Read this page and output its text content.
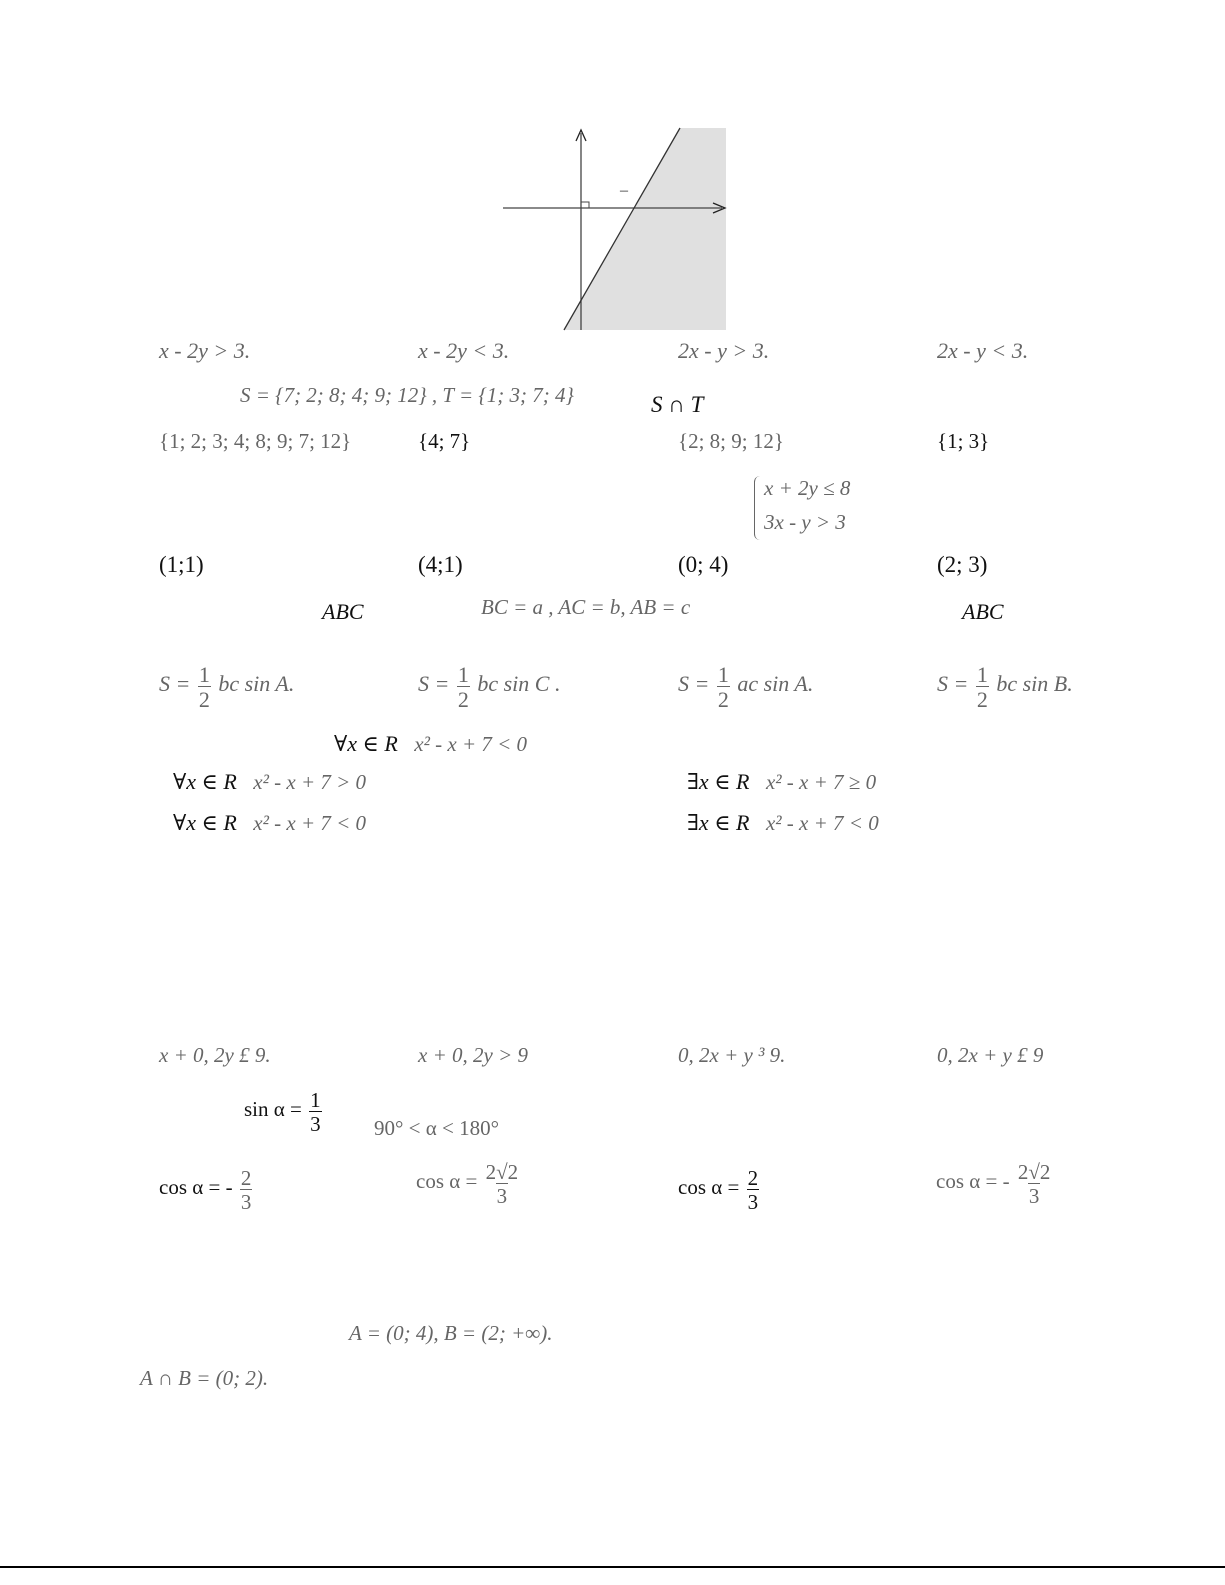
–
x - 2y > 3.	x - 2y < 3.	2x - y > 3.	2x - y < 3.
S = {7; 2; 8; 4; 9; 12} , T = {1; 3; 7; 4}	S ∩ T
{1; 2; 3; 4; 8; 9; 7; 12}	{4; 7}	{2; 8; 9; 12}	{1; 3}
x + 2y ≤ 8
3x - y > 3
(1;1)	(4;1)	(0; 4)	(2; 3)
ABC	BC = a , AC = b, AB = c	ABC
$S = \frac{1}{2}$ bc sin A.	$S = \frac{1}{2}$ bc sin C .	$S = \frac{1}{2}$ ac sin A.	$S = \frac{1}{2}$ bc sin B.
∀x ∈ R x² - x + 7 < 0
∀x ∈ R x² - x + 7 > 0	∃x ∈ R x² - x + 7 ≥ 0
∀x ∈ R x² - x + 7 < 0	∃x ∈ R x² - x + 7 < 0
x + 0, 2y £ 9.	x + 0, 2y > 9	0, 2x + y ³ 9.	0, 2x + y £ 9
$\sin \alpha = \frac{1}{3} 90^\circ < \alpha < 180^\circ$
cos α = - $\frac{2}{3}$	$\cos \alpha = \frac{2√2}{3}$	$\cos \alpha = \frac{2}{3}$	cos α = - $\frac{2√2}{3}$
A = (0; 4), B = (2; +∞).
A ∩ B = (0; 2).
